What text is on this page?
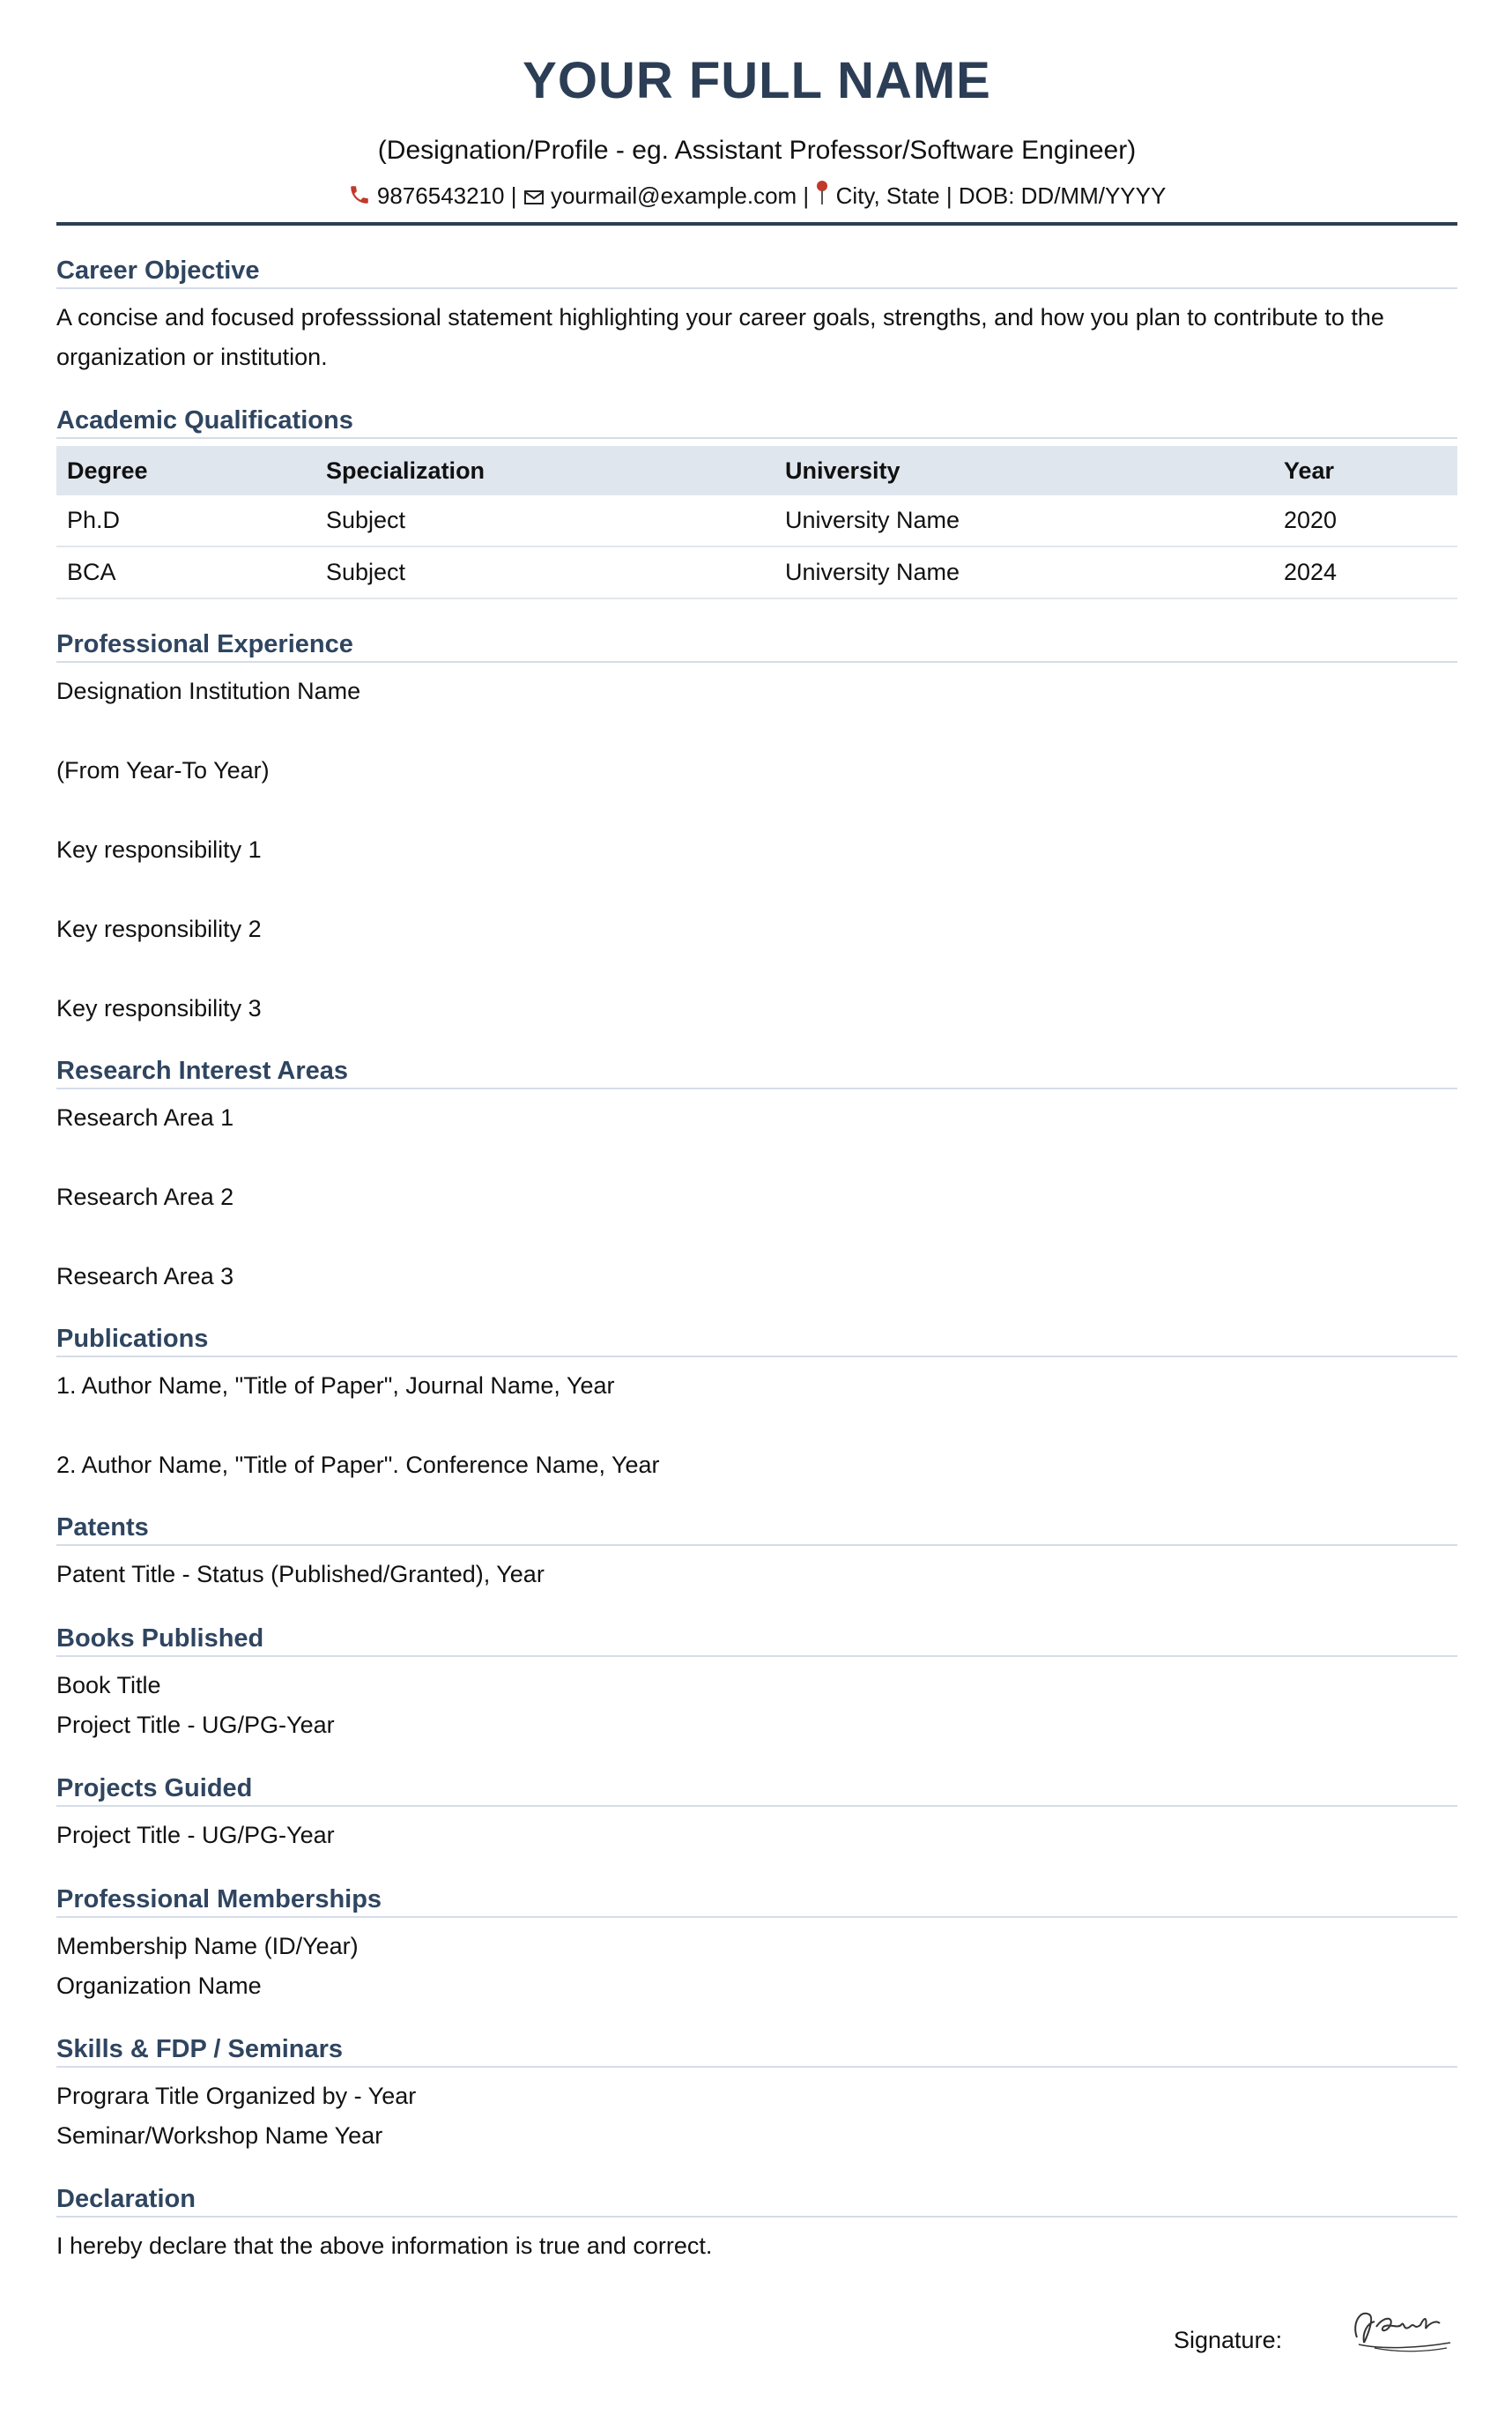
YOUR FULL NAME
(Designation/Profile - eg. Assistant Professor/Software Engineer)
9876543210 |  yourmail@example.com |  City, State | DOB: DD/MM/YYYY
Career Objective
A concise and focused professsional statement highlighting your career goals, strengths, and how you plan to contribute to the organization or institution.
Academic Qualifications
Degree	Specialization	University	Year
Ph.D	Subject	University Name	2020
BCA	Subject	University Name	2024
Professional Experience
Designation Institution Name
(From Year-To Year)
Key responsibility 1
Key responsibility 2
Key responsibility 3
Research Interest Areas
Research Area 1
Research Area 2
Research Area 3
Publications
1. Author Name, "Title of Paper", Journal Name, Year
2. Author Name, "Title of Paper". Conference Name, Year
Patents
Patent Title - Status (Published/Granted), Year
Books Published
Book Title
Project Title - UG/PG-Year
Projects Guided
Project Title - UG/PG-Year
Professional Memberships
Membership Name (ID/Year)
Organization Name
Skills & FDP / Seminars
Prograra Title Organized by - Year
Seminar/Workshop Name Year
Declaration
I hereby declare that the above information is true and correct.
Signature:
